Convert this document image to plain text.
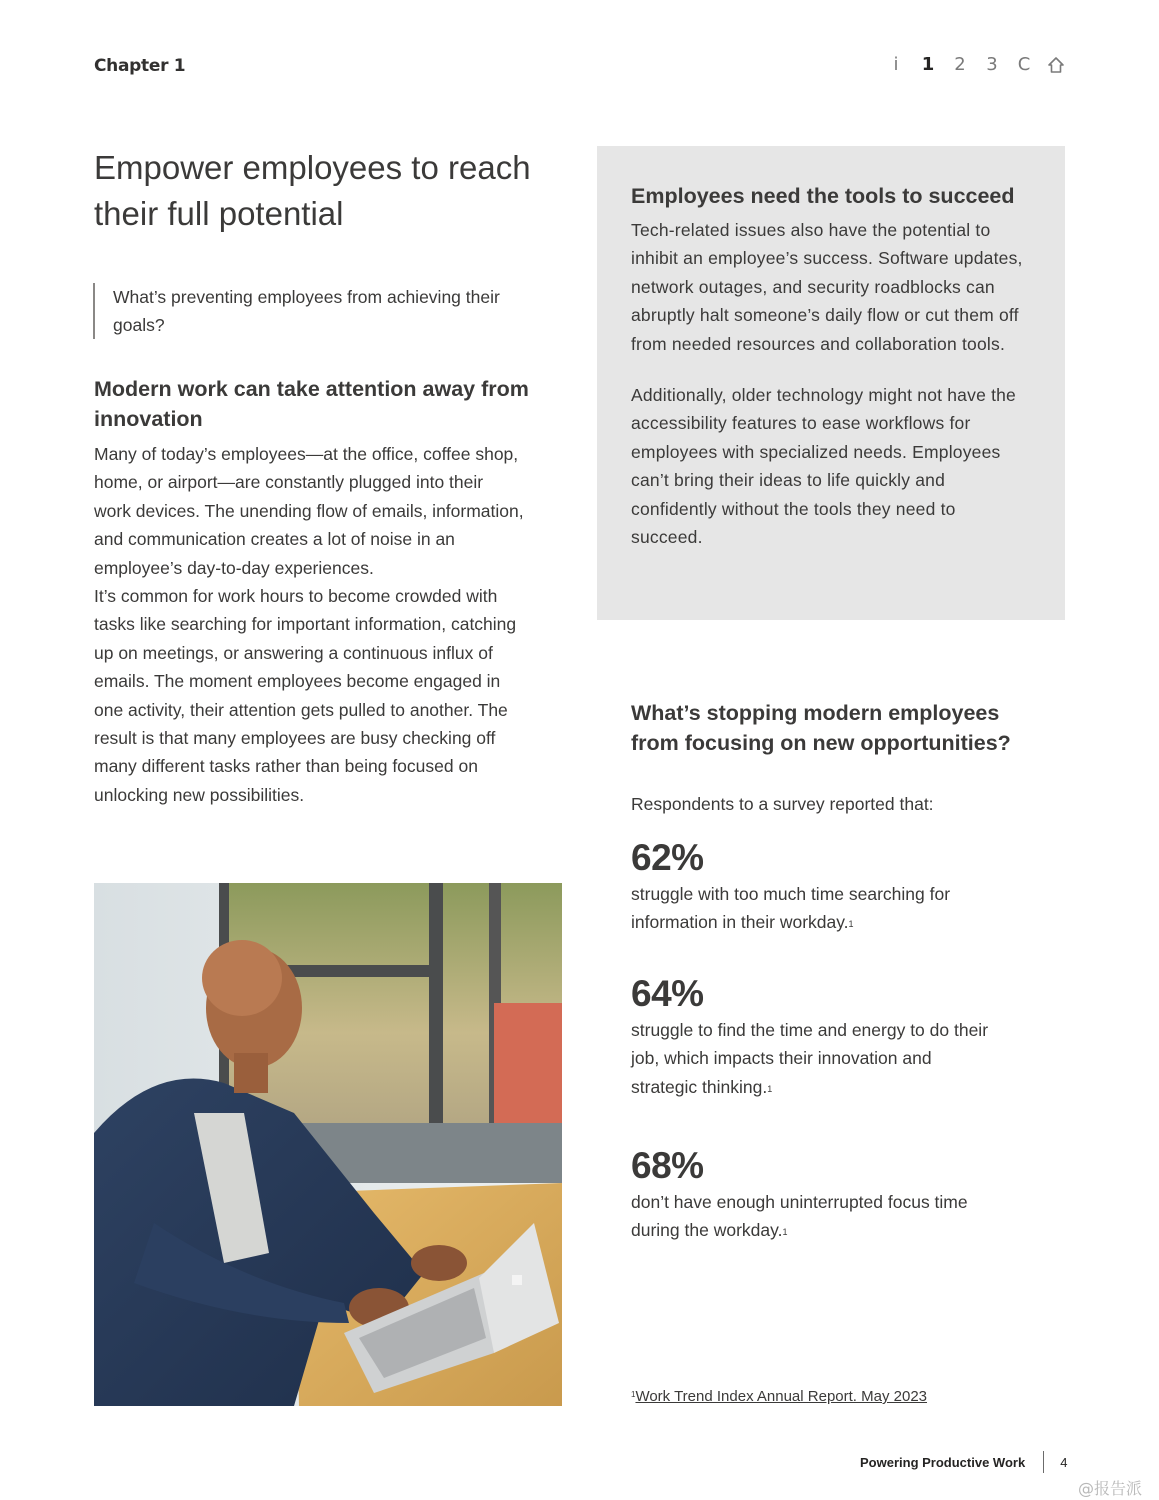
Chapter 1	i	1	2	3	C
Empower employees to reach their full potential
What’s preventing employees from achieving their goals?
Modern work can take attention away from innovation

Many of today’s employees—at the office, coffee shop, home, or airport—are constantly plugged into their work devices. The unending flow of emails, information, and communication creates a lot of noise in an employee’s day-to-day experiences.

It’s common for work hours to become crowded with tasks like searching for important information, catching up on meetings, or answering a continuous influx of emails. The moment employees become engaged in one activity, their attention gets pulled to another. The result is that many employees are busy checking off many different tasks rather than being focused on unlocking new possibilities.

Employees need the tools to succeed

Tech-related issues also have the potential to inhibit an employee’s success. Software updates, network outages, and security roadblocks can abruptly halt someone’s daily flow or cut them off from needed resources and collaboration tools.

Additionally, older technology might not have the accessibility features to ease workflows for employees with specialized needs. Employees can’t bring their ideas to life quickly and confidently without the tools they need to succeed.

What’s stopping modern employees from focusing on new opportunities?
Respondents to a survey reported that:
62%
struggle with too much time searching for information in their workday.$^1$
64%
struggle to find the time and energy to do their job, which impacts their innovation and strategic thinking.$^1$
68%
don’t have enough uninterrupted focus time during the workday.$^1$
$^1$Work Trend Index Annual Report. May 2023
Powering Productive Work	4
@报告派
